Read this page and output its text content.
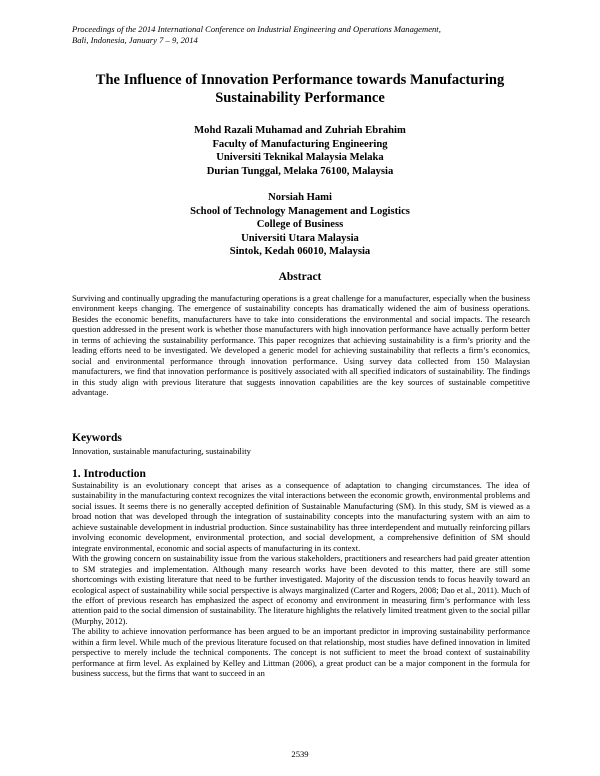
Proceedings of the 2014 International Conference on Industrial Engineering and Operations Management,
Bali, Indonesia, January 7 – 9, 2014
The Influence of Innovation Performance towards Manufacturing
Sustainability Performance
Mohd Razali Muhamad and Zuhriah Ebrahim
Faculty of Manufacturing Engineering
Universiti Teknikal Malaysia Melaka
Durian Tunggal, Melaka 76100, Malaysia
Norsiah Hami
School of Technology Management and Logistics
College of Business
Universiti Utara Malaysia
Sintok, Kedah 06010, Malaysia
Abstract
Surviving and continually upgrading the manufacturing operations is a great challenge for a manufacturer, especially when the business environment keeps changing. The emergence of sustainability concepts has dramatically widened the aim of business operations. Besides the economic benefits, manufacturers have to take into considerations the environmental and social impacts. The research question addressed in the present work is whether those manufacturers with high innovation performance have actually perform better in terms of achieving the sustainability performance. This paper recognizes that achieving sustainability is a firm’s priority and the leading efforts need to be investigated. We developed a generic model for achieving sustainability that reflects a firm’s economics, social and environmental performance through innovation performance. Using survey data collected from 150 Malaysian manufacturers, we find that innovation performance is positively associated with all specified indicators of sustainability. The findings in this study align with previous literature that suggests innovation capabilities are the key sources of sustainable competitive advantage.
Keywords
Innovation, sustainable manufacturing, sustainability
1. Introduction

Sustainability is an evolutionary concept that arises as a consequence of adaptation to changing circumstances. The idea of sustainability in the manufacturing context recognizes the vital interactions between the economic growth, environmental problems and social issues. It seems there is no generally accepted definition of Sustainable Manufacturing (SM). In this study, SM is viewed as a broad notion that was developed through the integration of sustainability concepts into the manufacturing system with an aim to achieve sustainable development in industrial production. Since sustainability has three interdependent and mutually reinforcing pillars involving economic development, environmental protection, and social development, a comprehensive definition of SM should integrate environmental, economic and social aspects of manufacturing in its context.

With the growing concern on sustainability issue from the various stakeholders, practitioners and researchers had paid greater attention to SM strategies and implementation. Although many research works have been devoted to this matter, there are still some shortcomings with existing literature that need to be further investigated. Majority of the discussion tends to focus heavily toward an ecological aspect of sustainability while social perspective is always marginalized (Carter and Rogers, 2008; Dao et al., 2011). Much of the effort of previous research has emphasized the aspect of economy and environment in measuring firm’s performance with less attention paid to the social dimension of sustainability. The literature highlights the relatively limited treatment given to the social pillar (Murphy, 2012).

The ability to achieve innovation performance has been argued to be an important predictor in improving sustainability performance within a firm level. While much of the previous literature focused on that relationship, most studies have defined innovation in limited perspective to merely include the technical components. The concept is not sufficient to meet the broad context of sustainability performance at firm level. As explained by Kelley and Littman (2006), a great product can be a major component in the formula for business success, but the firms that want to succeed in an

2539
